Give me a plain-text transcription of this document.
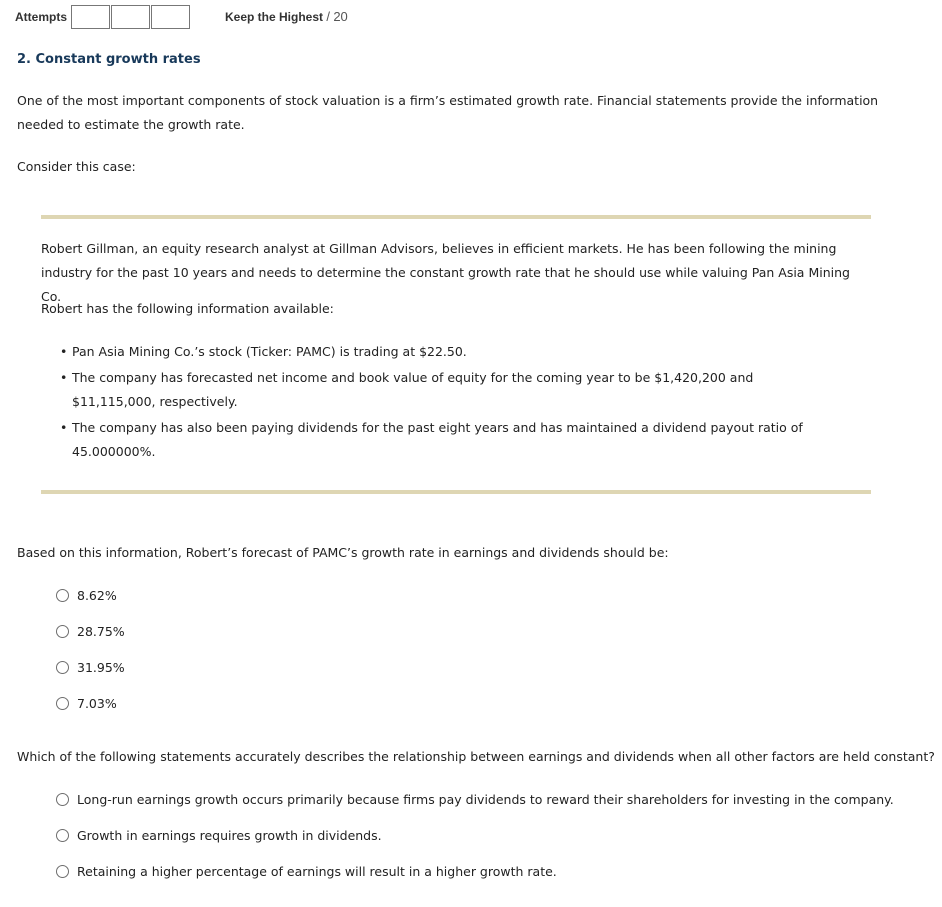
Attempts	Keep the Highest / 20
2. Constant growth rates
One of the most important components of stock valuation is a firm’s estimated growth rate. Financial statements provide the information needed to estimate the growth rate.
Consider this case:
Robert Gillman, an equity research analyst at Gillman Advisors, believes in efficient markets. He has been following the mining industry for the past 10 years and needs to determine the constant growth rate that he should use while valuing Pan Asia Mining Co.
Robert has the following information available:
• Pan Asia Mining Co.’s stock (Ticker: PAMC) is trading at $22.50.
• The company has forecasted net income and book value of equity for the coming year to be $1,420,200 and $11,115,000, respectively.
• The company has also been paying dividends for the past eight years and has maintained a dividend payout ratio of 45.000000%.
Based on this information, Robert’s forecast of PAMC’s growth rate in earnings and dividends should be:
8.62%
28.75%
31.95%
7.03%
Which of the following statements accurately describes the relationship between earnings and dividends when all other factors are held constant?
Long-run earnings growth occurs primarily because firms pay dividends to reward their shareholders for investing in the company.
Growth in earnings requires growth in dividends.
Retaining a higher percentage of earnings will result in a higher growth rate.
